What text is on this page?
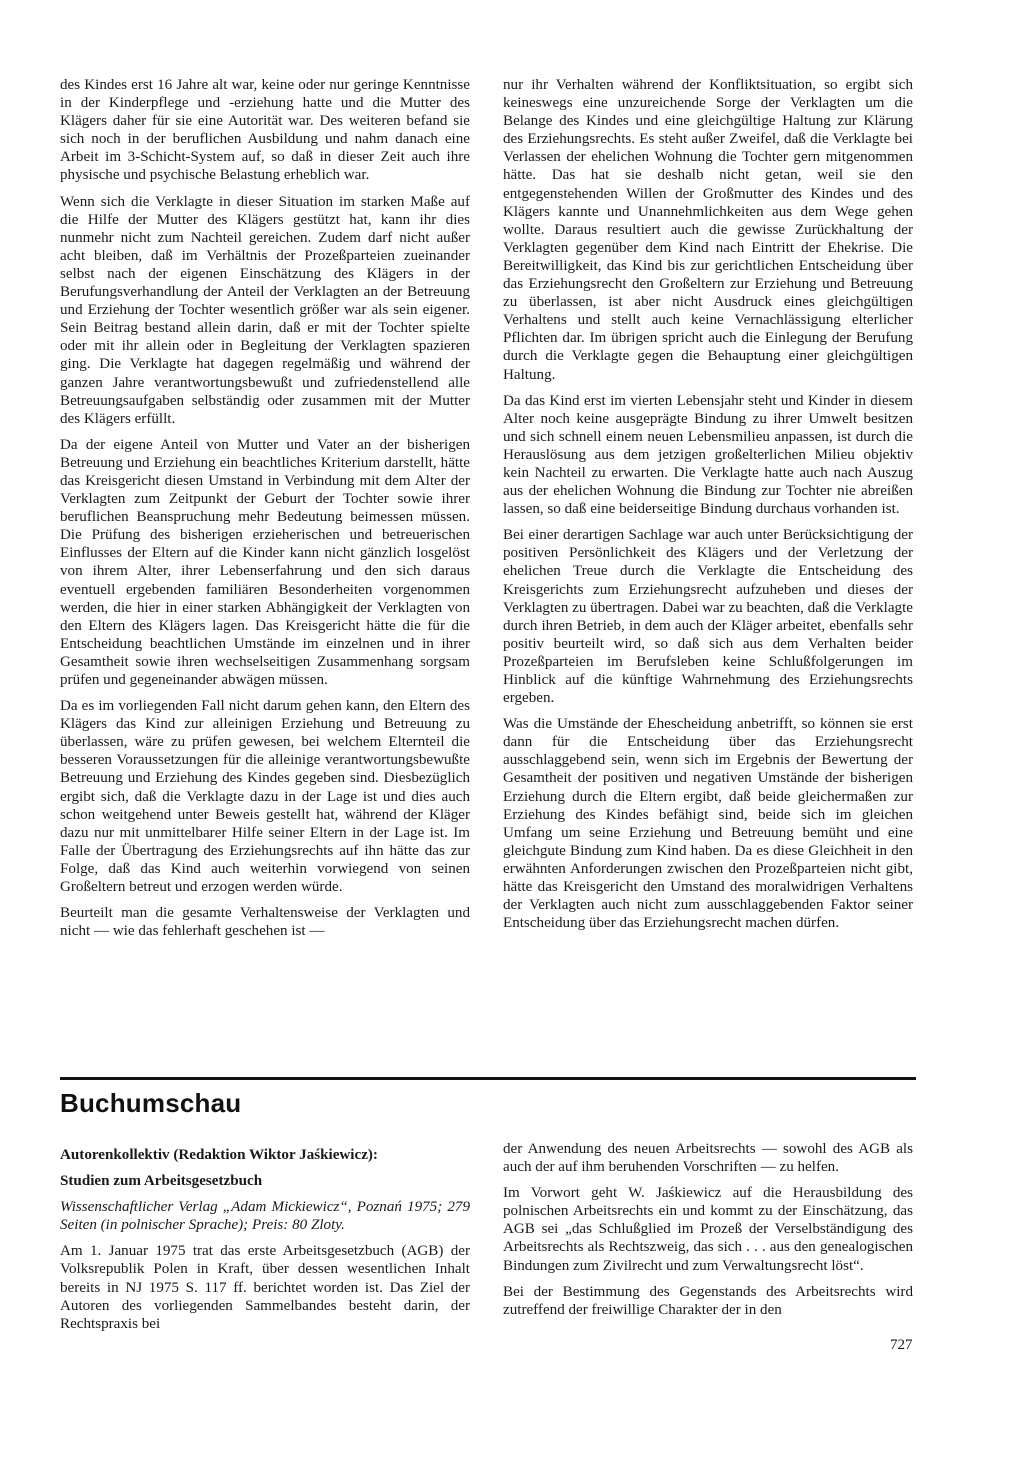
des Kindes erst 16 Jahre alt war, keine oder nur geringe Kenntnisse in der Kinderpflege und -erziehung hatte und die Mutter des Klägers daher für sie eine Autorität war. Des weiteren befand sie sich noch in der beruflichen Ausbildung und nahm danach eine Arbeit im 3-Schicht-System auf, so daß in dieser Zeit auch ihre physische und psychische Belastung erheblich war.

Wenn sich die Verklagte in dieser Situation im starken Maße auf die Hilfe der Mutter des Klägers gestützt hat, kann ihr dies nunmehr nicht zum Nachteil gereichen. Zudem darf nicht außer acht bleiben, daß im Verhältnis der Prozeßparteien zueinander selbst nach der eigenen Einschätzung des Klägers in der Berufungsverhandlung der Anteil der Verklagten an der Betreuung und Erziehung der Tochter wesentlich größer war als sein eigener. Sein Beitrag bestand allein darin, daß er mit der Tochter spielte oder mit ihr allein oder in Begleitung der Verklagten spazieren ging. Die Verklagte hat dagegen regelmäßig und während der ganzen Jahre verantwortungsbewußt und zufriedenstellend alle Betreuungsaufgaben selbständig oder zusammen mit der Mutter des Klägers erfüllt.

Da der eigene Anteil von Mutter und Vater an der bisherigen Betreuung und Erziehung ein beachtliches Kriterium darstellt, hätte das Kreisgericht diesen Umstand in Verbindung mit dem Alter der Verklagten zum Zeitpunkt der Geburt der Tochter sowie ihrer beruflichen Beanspruchung mehr Bedeutung beimessen müssen. Die Prüfung des bisherigen erzieherischen und betreuerischen Einflusses der Eltern auf die Kinder kann nicht gänzlich losgelöst von ihrem Alter, ihrer Lebenserfahrung und den sich daraus eventuell ergebenden familiären Besonderheiten vorgenommen werden, die hier in einer starken Abhängigkeit der Verklagten von den Eltern des Klägers lagen. Das Kreisgericht hätte die für die Entscheidung beachtlichen Umstände im einzelnen und in ihrer Gesamtheit sowie ihren wechselseitigen Zusammenhang sorgsam prüfen und gegeneinander abwägen müssen.

Da es im vorliegenden Fall nicht darum gehen kann, den Eltern des Klägers das Kind zur alleinigen Erziehung und Betreuung zu überlassen, wäre zu prüfen gewesen, bei welchem Elternteil die besseren Voraussetzungen für die alleinige verantwortungsbewußte Betreuung und Erziehung des Kindes gegeben sind. Diesbezüglich ergibt sich, daß die Verklagte dazu in der Lage ist und dies auch schon weitgehend unter Beweis gestellt hat, während der Kläger dazu nur mit unmittelbarer Hilfe seiner Eltern in der Lage ist. Im Falle der Übertragung des Erziehungsrechts auf ihn hätte das zur Folge, daß das Kind auch weiterhin vorwiegend von seinen Großeltern betreut und erzogen werden würde.

Beurteilt man die gesamte Verhaltensweise der Verklagten und nicht — wie das fehlerhaft geschehen ist —

nur ihr Verhalten während der Konfliktsituation, so ergibt sich keineswegs eine unzureichende Sorge der Verklagten um die Belange des Kindes und eine gleichgültige Haltung zur Klärung des Erziehungsrechts. Es steht außer Zweifel, daß die Verklagte bei Verlassen der ehelichen Wohnung die Tochter gern mitgenommen hätte. Das hat sie deshalb nicht getan, weil sie den entgegenstehenden Willen der Großmutter des Kindes und des Klägers kannte und Unannehmlichkeiten aus dem Wege gehen wollte. Daraus resultiert auch die gewisse Zurückhaltung der Verklagten gegenüber dem Kind nach Eintritt der Ehekrise. Die Bereitwilligkeit, das Kind bis zur gerichtlichen Entscheidung über das Erziehungsrecht den Großeltern zur Erziehung und Betreuung zu überlassen, ist aber nicht Ausdruck eines gleichgültigen Verhaltens und stellt auch keine Vernachlässigung elterlicher Pflichten dar. Im übrigen spricht auch die Einlegung der Berufung durch die Verklagte gegen die Behauptung einer gleichgültigen Haltung.

Da das Kind erst im vierten Lebensjahr steht und Kinder in diesem Alter noch keine ausgeprägte Bindung zu ihrer Umwelt besitzen und sich schnell einem neuen Lebensmilieu anpassen, ist durch die Herauslösung aus dem jetzigen großelterlichen Milieu objektiv kein Nachteil zu erwarten. Die Verklagte hatte auch nach Auszug aus der ehelichen Wohnung die Bindung zur Tochter nie abreißen lassen, so daß eine beiderseitige Bindung durchaus vorhanden ist.

Bei einer derartigen Sachlage war auch unter Berücksichtigung der positiven Persönlichkeit des Klägers und der Verletzung der ehelichen Treue durch die Verklagte die Entscheidung des Kreisgerichts zum Erziehungsrecht aufzuheben und dieses der Verklagten zu übertragen. Dabei war zu beachten, daß die Verklagte durch ihren Betrieb, in dem auch der Kläger arbeitet, ebenfalls sehr positiv beurteilt wird, so daß sich aus dem Verhalten beider Prozeßparteien im Berufsleben keine Schlußfolgerungen im Hinblick auf die künftige Wahrnehmung des Erziehungsrechts ergeben.

Was die Umstände der Ehescheidung anbetrifft, so können sie erst dann für die Entscheidung über das Erziehungsrecht ausschlaggebend sein, wenn sich im Ergebnis der Bewertung der Gesamtheit der positiven und negativen Umstände der bisherigen Erziehung durch die Eltern ergibt, daß beide gleichermaßen zur Erziehung des Kindes befähigt sind, beide sich im gleichen Umfang um seine Erziehung und Betreuung bemüht und eine gleichgute Bindung zum Kind haben. Da es diese Gleichheit in den erwähnten Anforderungen zwischen den Prozeßparteien nicht gibt, hätte das Kreisgericht den Umstand des moralwidrigen Verhaltens der Verklagten auch nicht zum ausschlaggebenden Faktor seiner Entscheidung über das Erziehungsrecht machen dürfen.

Buchumschau

Autorenkollektiv (Redaktion Wiktor Jaśkiewicz):

Studien zum Arbeitsgesetzbuch

Wissenschaftlicher Verlag „Adam Mickiewicz“, Poznań 1975; 279 Seiten (in polnischer Sprache); Preis: 80 Zloty.

Am 1. Januar 1975 trat das erste Arbeitsgesetzbuch (AGB) der Volksrepublik Polen in Kraft, über dessen wesentlichen Inhalt bereits in NJ 1975 S. 117 ff. berichtet worden ist. Das Ziel der Autoren des vorliegenden Sammelbandes besteht darin, der Rechtspraxis bei

der Anwendung des neuen Arbeitsrechts — sowohl des AGB als auch der auf ihm beruhenden Vorschriften — zu helfen.

Im Vorwort geht W. Jaśkiewicz auf die Herausbildung des polnischen Arbeitsrechts ein und kommt zu der Einschätzung, das AGB sei „das Schlußglied im Prozeß der Verselbständigung des Arbeitsrechts als Rechtszweig, das sich . . . aus den genealogischen Bindungen zum Zivilrecht und zum Verwaltungsrecht löst“.

Bei der Bestimmung des Gegenstands des Arbeitsrechts wird zutreffend der freiwillige Charakter der in den

727
